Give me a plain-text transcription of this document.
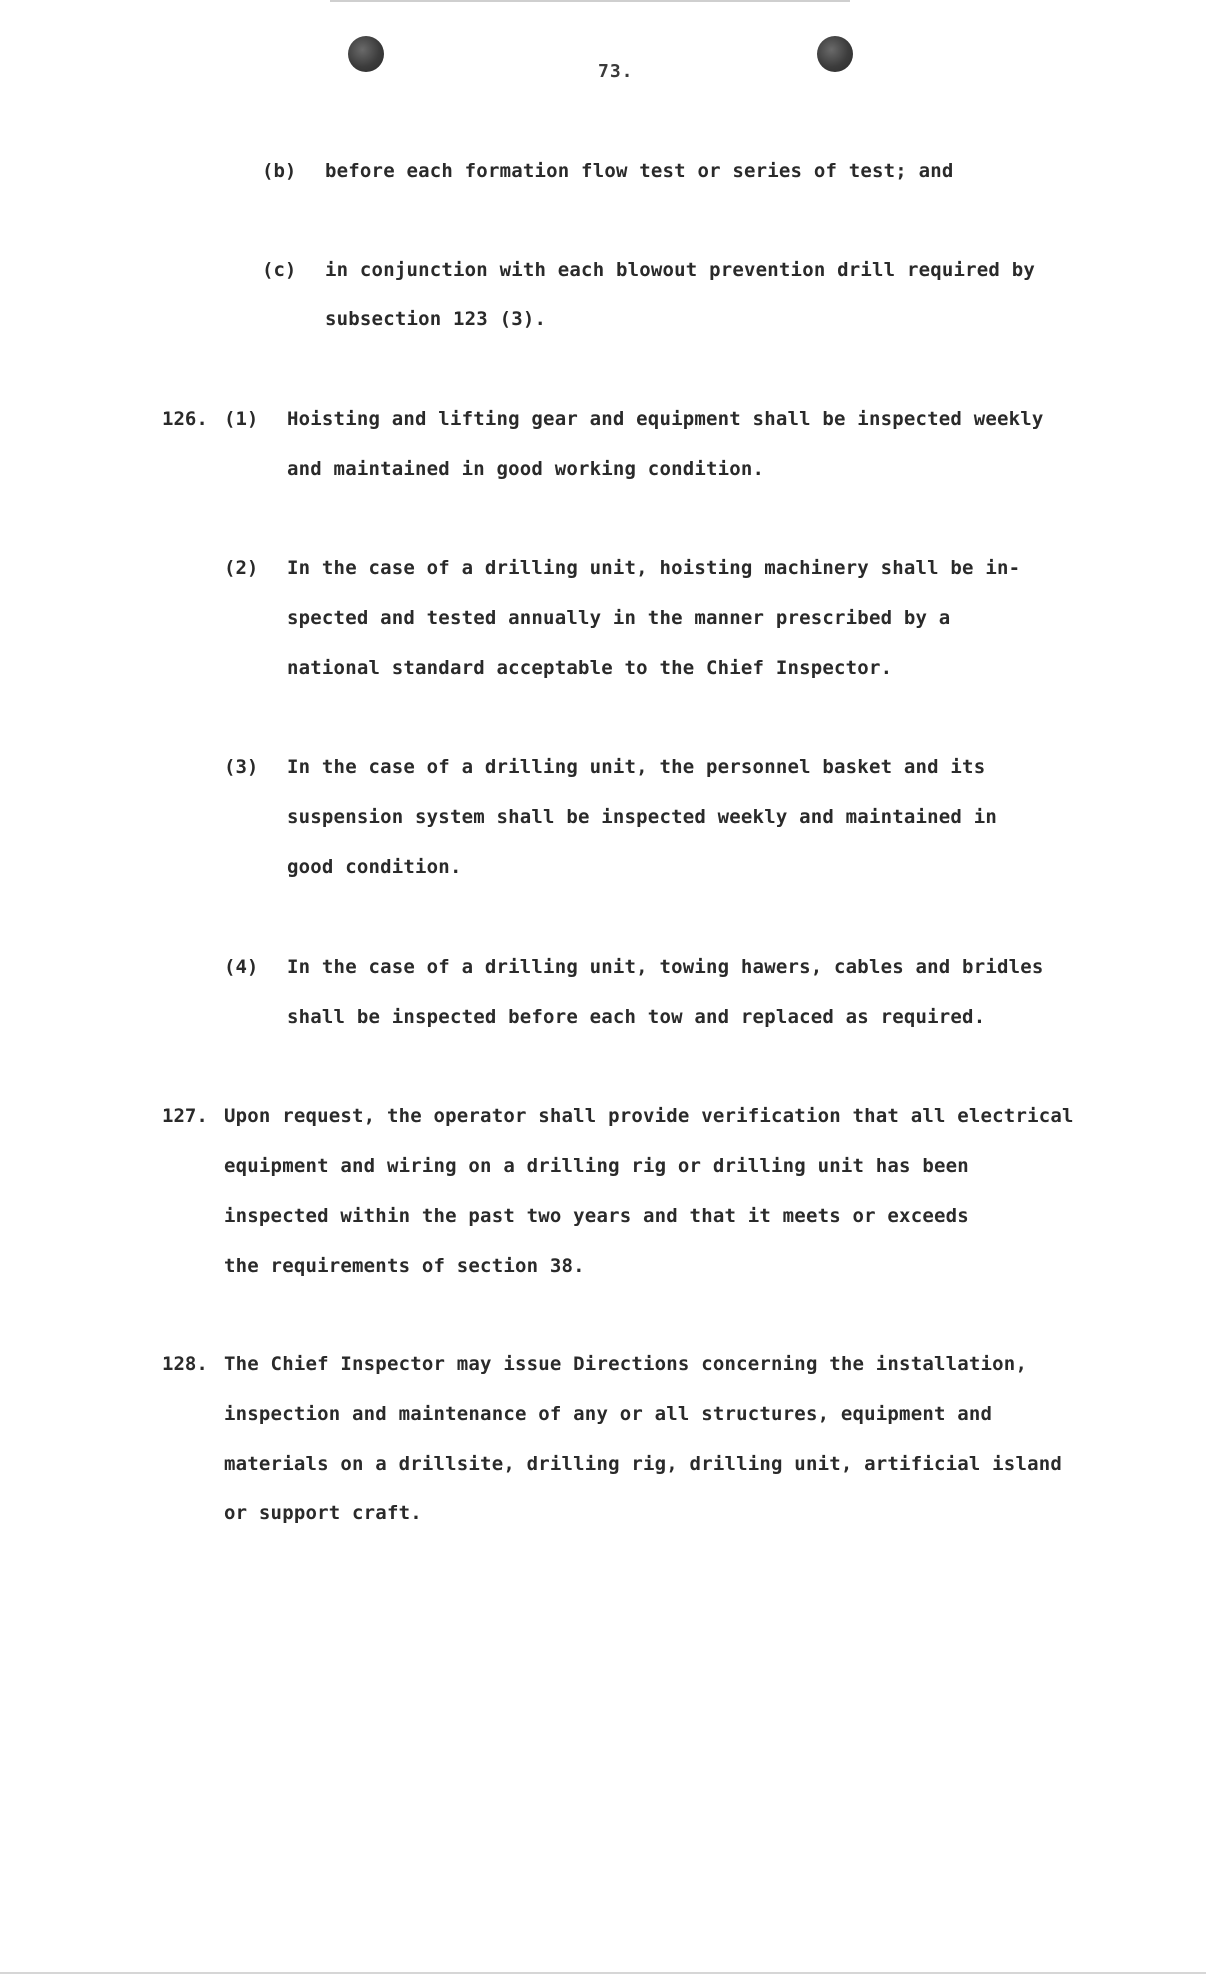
73.
(b) before each formation flow test or series of test; and
(c) in conjunction with each blowout prevention drill required by
subsection 123 (3).
126. (1) Hoisting and lifting gear and equipment shall be inspected weekly
and maintained in good working condition.
(2) In the case of a drilling unit, hoisting machinery shall be in-
spected and tested annually in the manner prescribed by a
national standard acceptable to the Chief Inspector.
(3) In the case of a drilling unit, the personnel basket and its
suspension system shall be inspected weekly and maintained in
good condition.
(4) In the case of a drilling unit, towing hawers, cables and bridles
shall be inspected before each tow and replaced as required.
127. Upon request, the operator shall provide verification that all electrical
equipment and wiring on a drilling rig or drilling unit has been
inspected within the past two years and that it meets or exceeds
the requirements of section 38.
128. The Chief Inspector may issue Directions concerning the installation,
inspection and maintenance of any or all structures, equipment and
materials on a drillsite, drilling rig, drilling unit, artificial island
or support craft.
